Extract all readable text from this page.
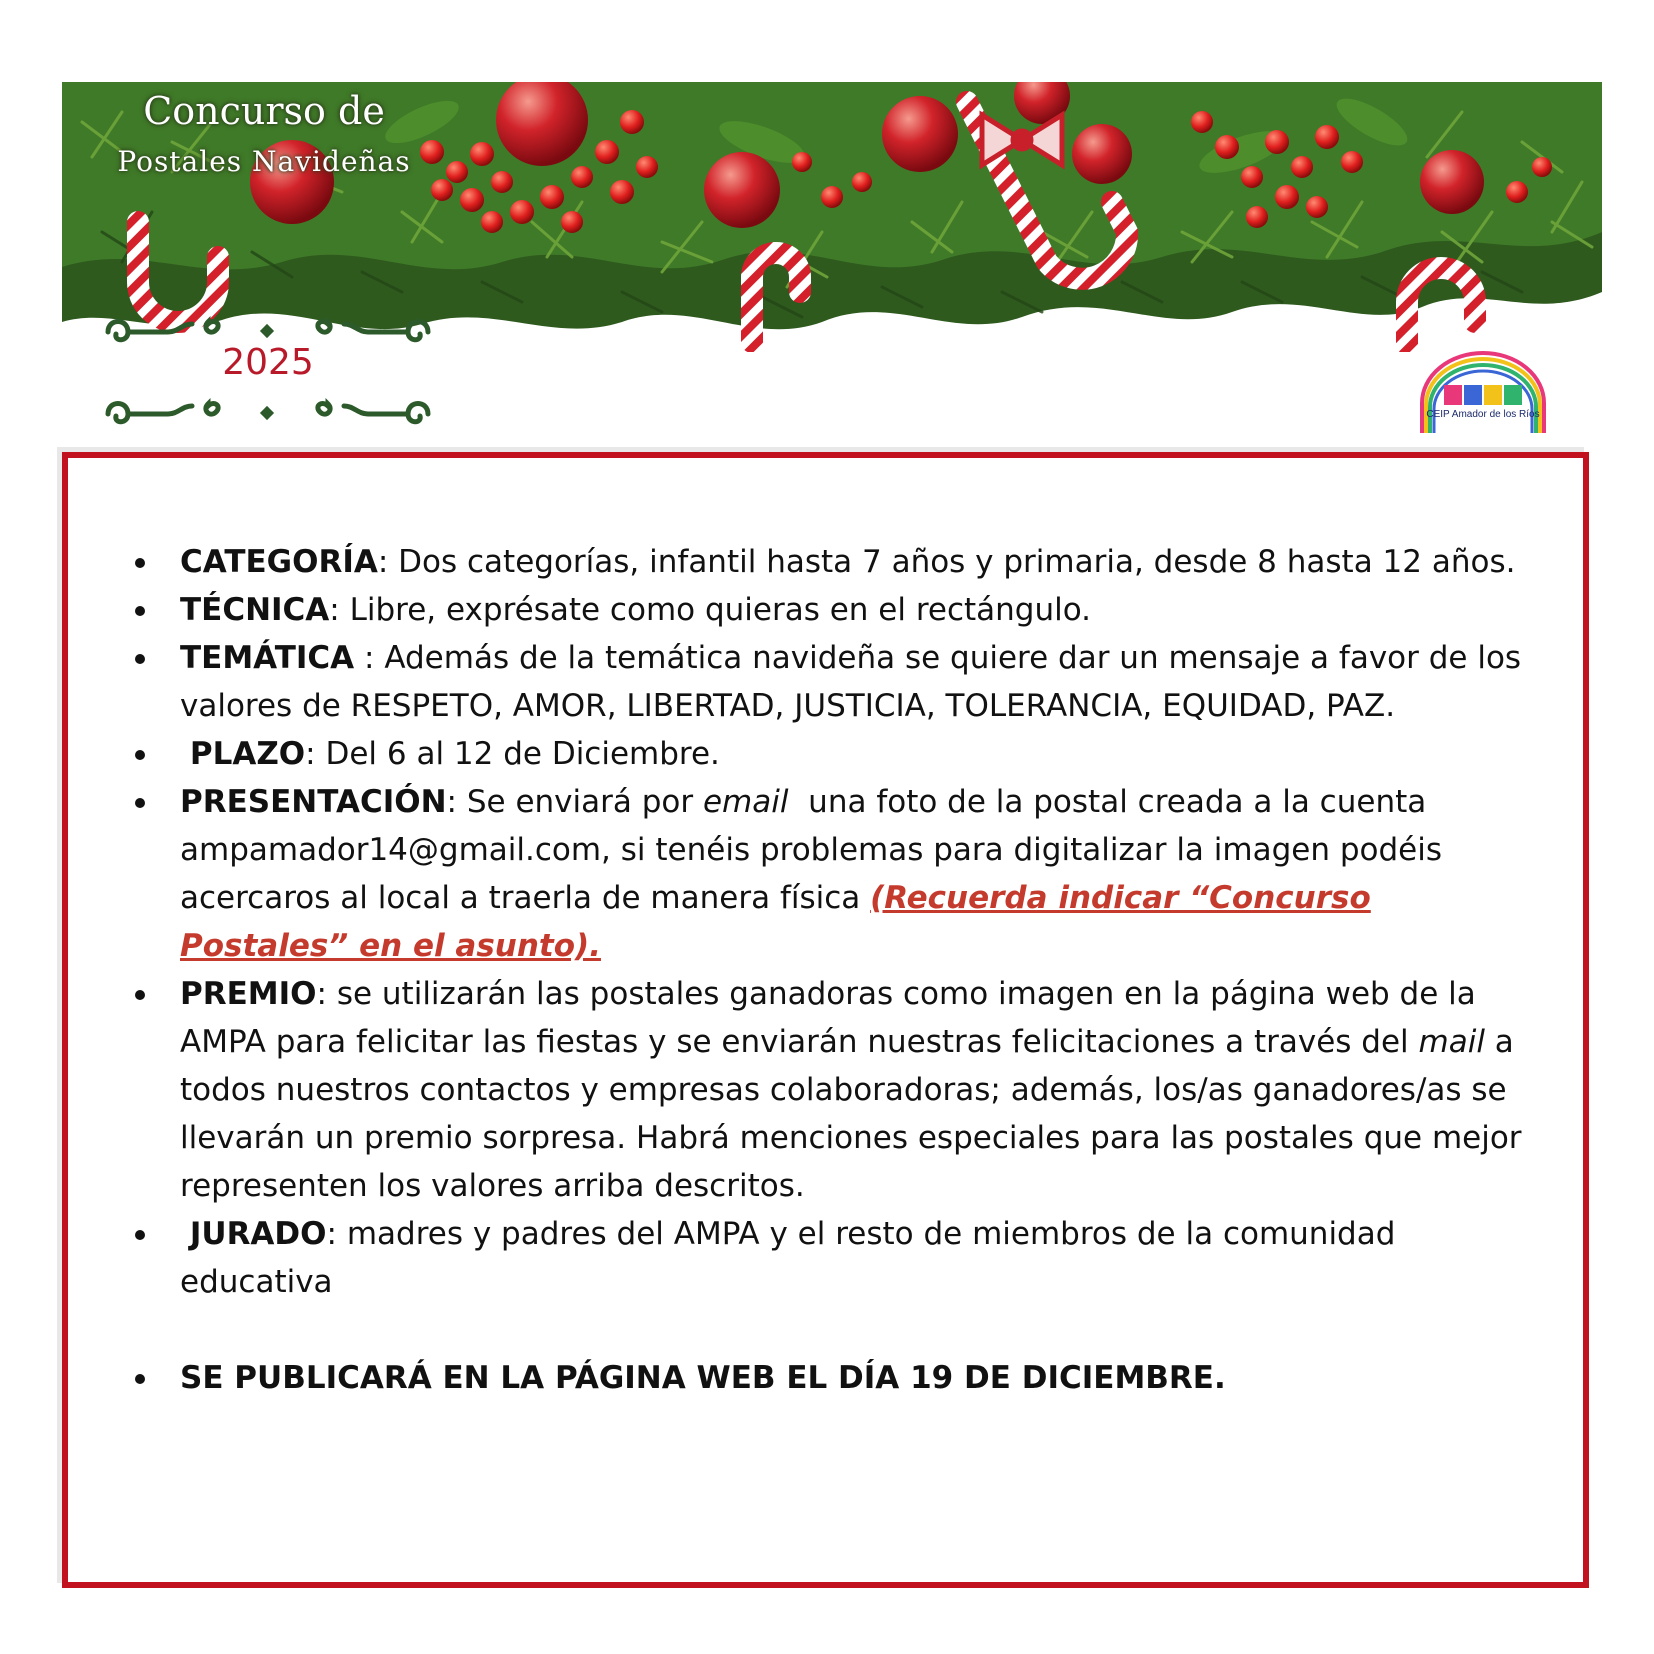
Concurso de
Postales Navideñas
2025
CEIP Amador de los Ríos
CATEGORÍA: Dos categorías, infantil hasta 7 años y primaria, desde 8 hasta 12 años.
TÉCNICA: Libre, exprésate como quieras en el rectángulo.
TEMÁTICA : Además de la temática navideña se quiere dar un mensaje a favor de los valores de RESPETO, AMOR, LIBERTAD, JUSTICIA, TOLERANCIA, EQUIDAD, PAZ.
PLAZO: Del 6 al 12 de Diciembre.
PRESENTACIÓN: Se enviará por email  una foto de la postal creada a la cuenta ampamador14@gmail.com, si tenéis problemas para digitalizar la imagen podéis acercaros al local a traerla de manera física (Recuerda indicar “Concurso Postales” en el asunto).
PREMIO: se utilizarán las postales ganadoras como imagen en la página web de la AMPA para felicitar las fiestas y se enviarán nuestras felicitaciones a través del mail a todos nuestros contactos y empresas colaboradoras; además, los/as ganadores/as se llevarán un premio sorpresa. Habrá menciones especiales para las postales que mejor representen los valores arriba descritos.
JURADO: madres y padres del AMPA y el resto de miembros de la comunidad educativa
SE PUBLICARÁ EN LA PÁGINA WEB EL DÍA 19 DE DICIEMBRE.
